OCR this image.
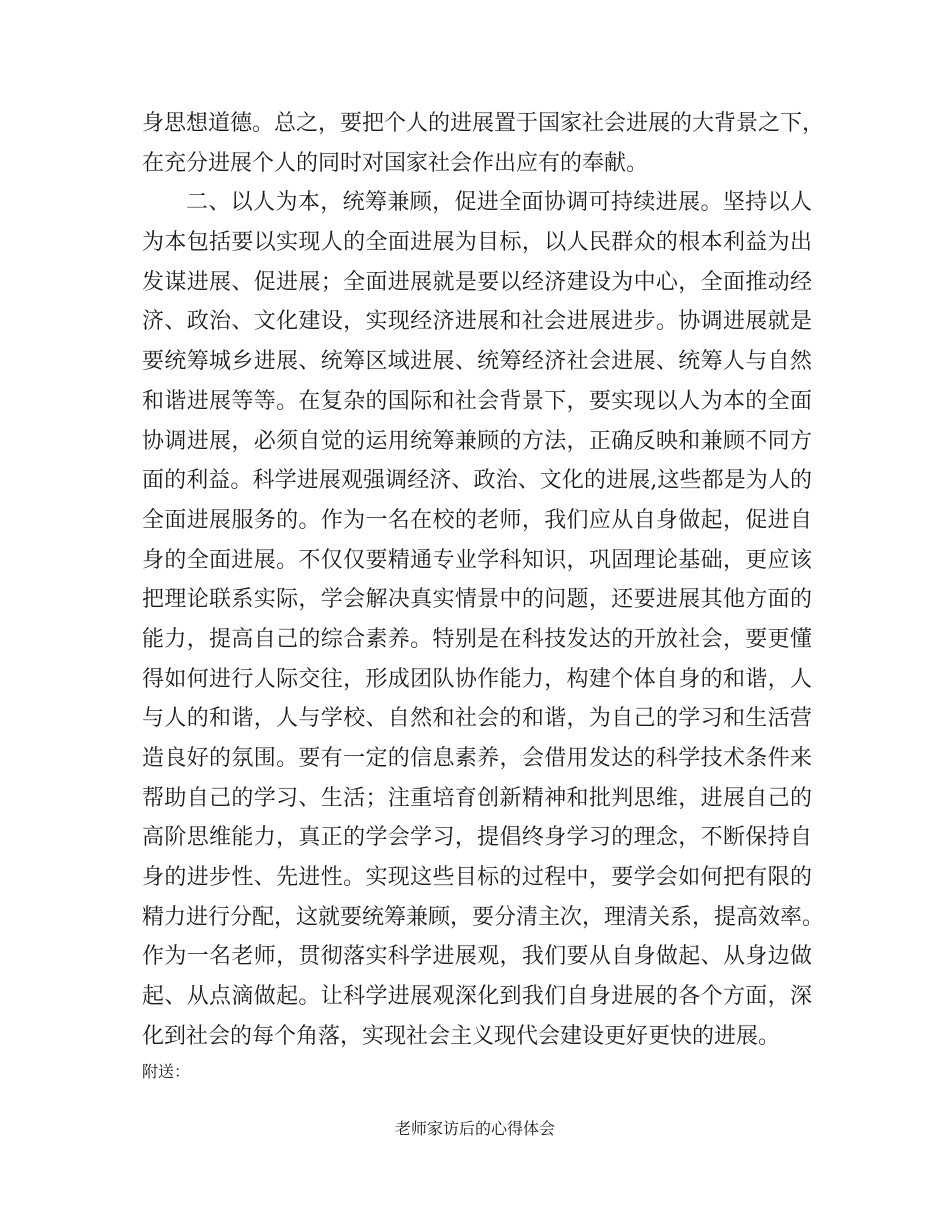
身思想道德。总之，要把个人的进展置于国家社会进展的大背景之下，
在充分进展个人的同时对国家社会作出应有的奉献。
二、以人为本，统筹兼顾，促进全面协调可持续进展。坚持以人
为本包括要以实现人的全面进展为目标，以人民群众的根本利益为出
发谋进展、促进展；全面进展就是要以经济建设为中心，全面推动经
济、政治、文化建设，实现经济进展和社会进展进步。协调进展就是
要统筹城乡进展、统筹区域进展、统筹经济社会进展、统筹人与自然
和谐进展等等。在复杂的国际和社会背景下，要实现以人为本的全面
协调进展，必须自觉的运用统筹兼顾的方法，正确反映和兼顾不同方
面的利益。科学进展观强调经济、政治、文化的进展,这些都是为人的
全面进展服务的。作为一名在校的老师，我们应从自身做起，促进自
身的全面进展。不仅仅要精通专业学科知识，巩固理论基础，更应该
把理论联系实际，学会解决真实情景中的问题，还要进展其他方面的
能力，提高自己的综合素养。特别是在科技发达的开放社会，要更懂
得如何进行人际交往，形成团队协作能力，构建个体自身的和谐，人
与人的和谐，人与学校、自然和社会的和谐，为自己的学习和生活营
造良好的氛围。要有一定的信息素养，会借用发达的科学技术条件来
帮助自己的学习、生活；注重培育创新精神和批判思维，进展自己的
高阶思维能力，真正的学会学习，提倡终身学习的理念，不断保持自
身的进步性、先进性。实现这些目标的过程中，要学会如何把有限的
精力进行分配，这就要统筹兼顾，要分清主次，理清关系，提高效率。
作为一名老师，贯彻落实科学进展观，我们要从自身做起、从身边做
起、从点滴做起。让科学进展观深化到我们自身进展的各个方面，深
化到社会的每个角落，实现社会主义现代会建设更好更快的进展。
附送：
老师家访后的心得体会
